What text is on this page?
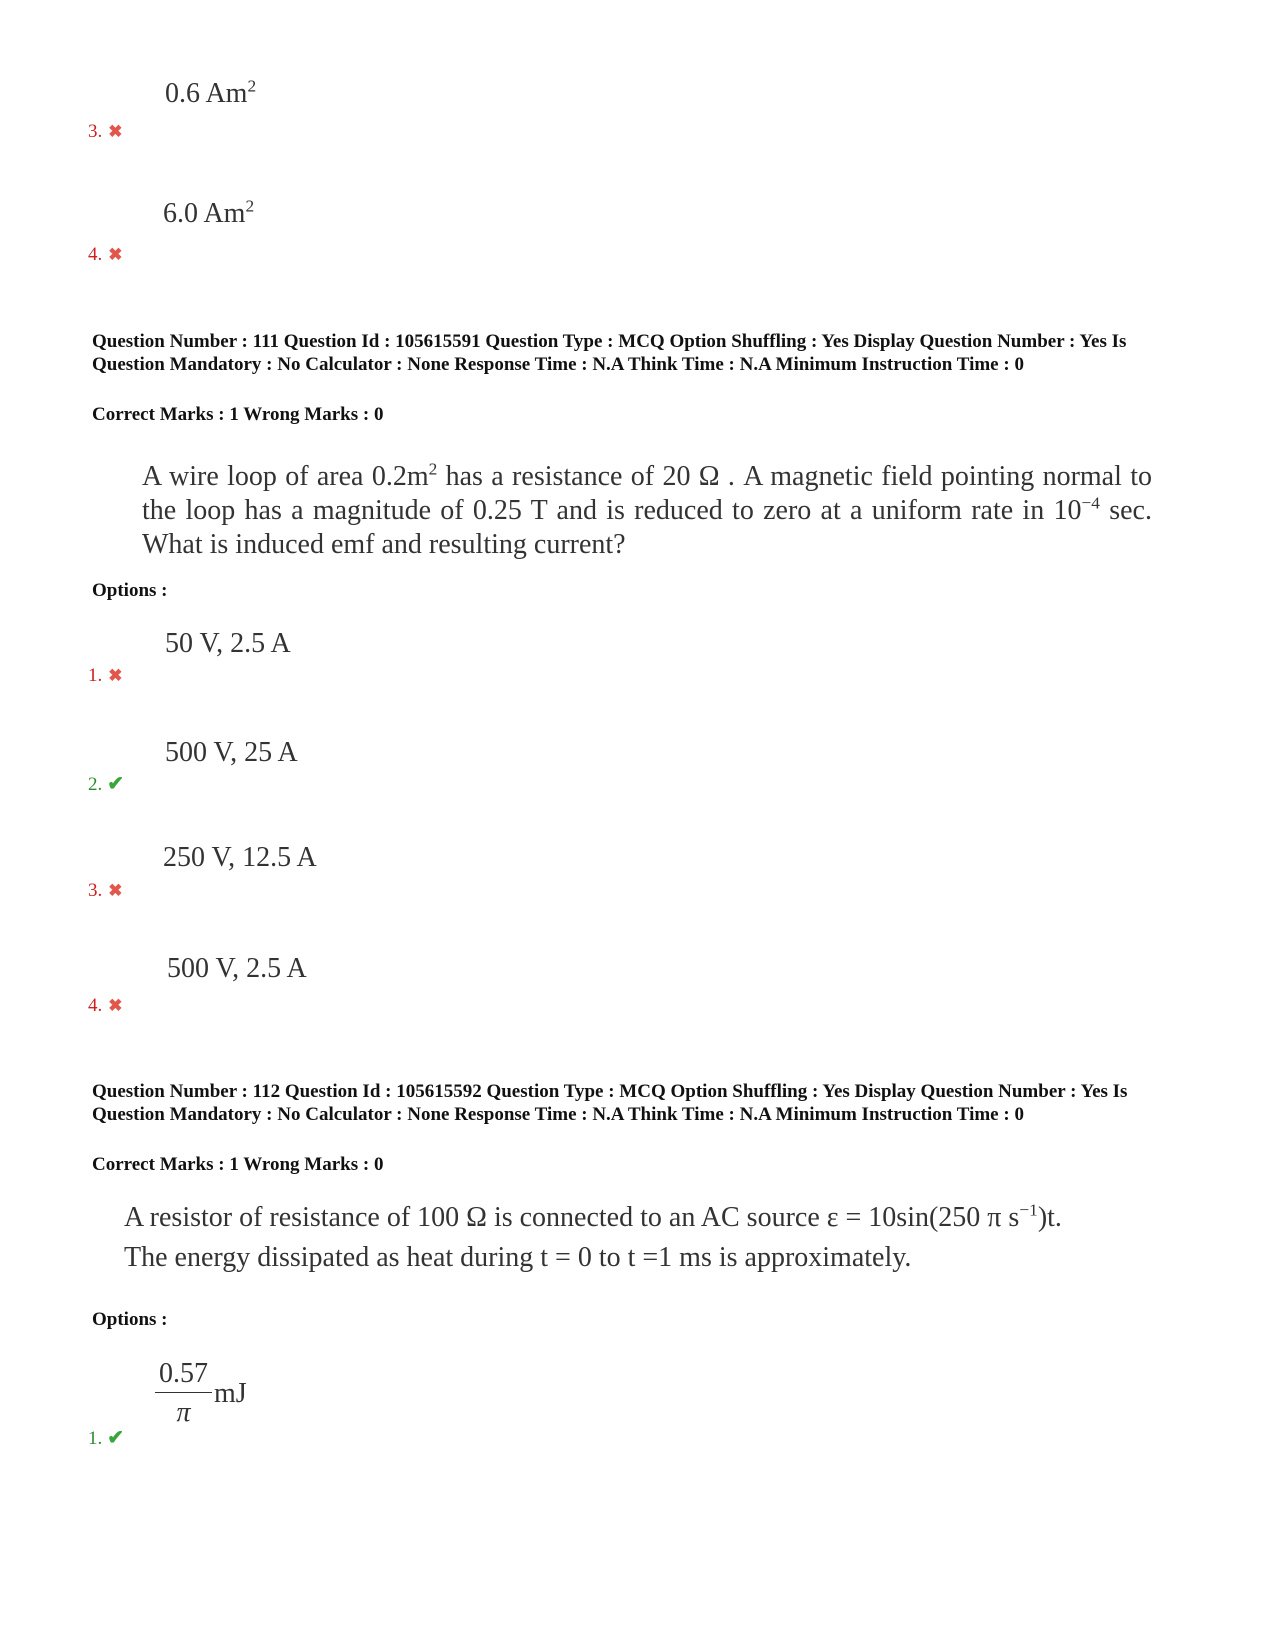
0.6 Am$^2$
3. ✖
6.0 Am$^2$
4. ✖
Question Number : 111 Question Id : 105615591 Question Type : MCQ Option Shuffling : Yes Display Question Number : Yes Is Question Mandatory : No Calculator : None Response Time : N.A Think Time : N.A Minimum Instruction Time : 0
Correct Marks : 1 Wrong Marks : 0
A wire loop of area $0.2m^2$ has a resistance of 20 Ω . A magnetic field pointing normal to the loop has a magnitude of 0.25 T and is reduced to zero at a uniform rate in $10^{-4}$ sec. What is induced emf and resulting current?
Options :
50 V, 2.5 A
1. ✖
500 V, 25 A
2. ✔
250 V, 12.5 A
3. ✖
500 V, 2.5 A
4. ✖
Question Number : 112 Question Id : 105615592 Question Type : MCQ Option Shuffling : Yes Display Question Number : Yes Is Question Mandatory : No Calculator : None Response Time : N.A Think Time : N.A Minimum Instruction Time : 0
Correct Marks : 1 Wrong Marks : 0
A resistor of resistance of 100 Ω is connected to an AC source ε = 10sin(250 π $s^{-1})t$.
The energy dissipated as heat during t = 0 to t =1 ms is approximately.
Options :
$\frac{0.57}{\pi}$ mJ
1. ✔
